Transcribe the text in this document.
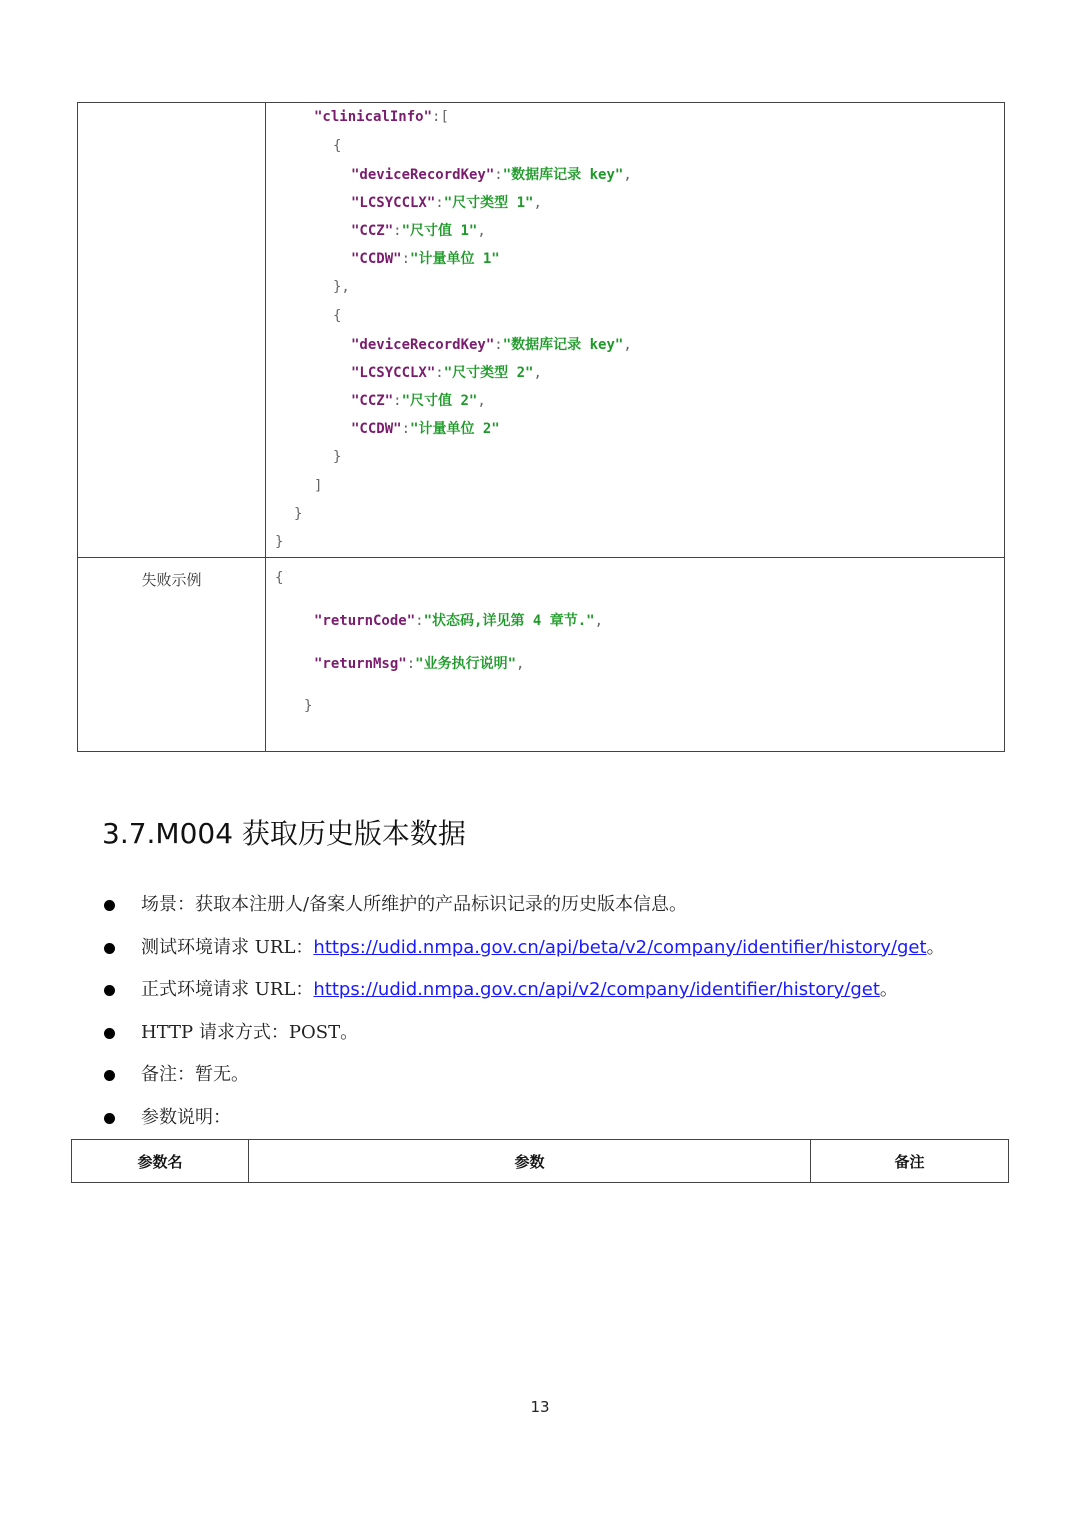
失败示例
"clinicalInfo":[
{
"deviceRecordKey":"数据库记录 key",
"LCSYCCLX":"尺寸类型 1",
"CCZ":"尺寸值 1",
"CCDW":"计量单位 1"
},
{
"deviceRecordKey":"数据库记录 key",
"LCSYCCLX":"尺寸类型 2",
"CCZ":"尺寸值 2",
"CCDW":"计量单位 2"
}
]
}
}
{
"returnCode":"状态码,详见第 4 章节.",
"returnMsg":"业务执行说明",
}
3.7.M004 获取历史版本数据
场景：获取本注册人/备案人所维护的产品标识记录的历史版本信息。
测试环境请求 URL：https://udid.nmpa.gov.cn/api/beta/v2/company/identifier/history/get。
正式环境请求 URL：https://udid.nmpa.gov.cn/api/v2/company/identifier/history/get。
HTTP 请求方式：POST。
备注：暂无。
参数说明：
参数名	参数	备注
13
